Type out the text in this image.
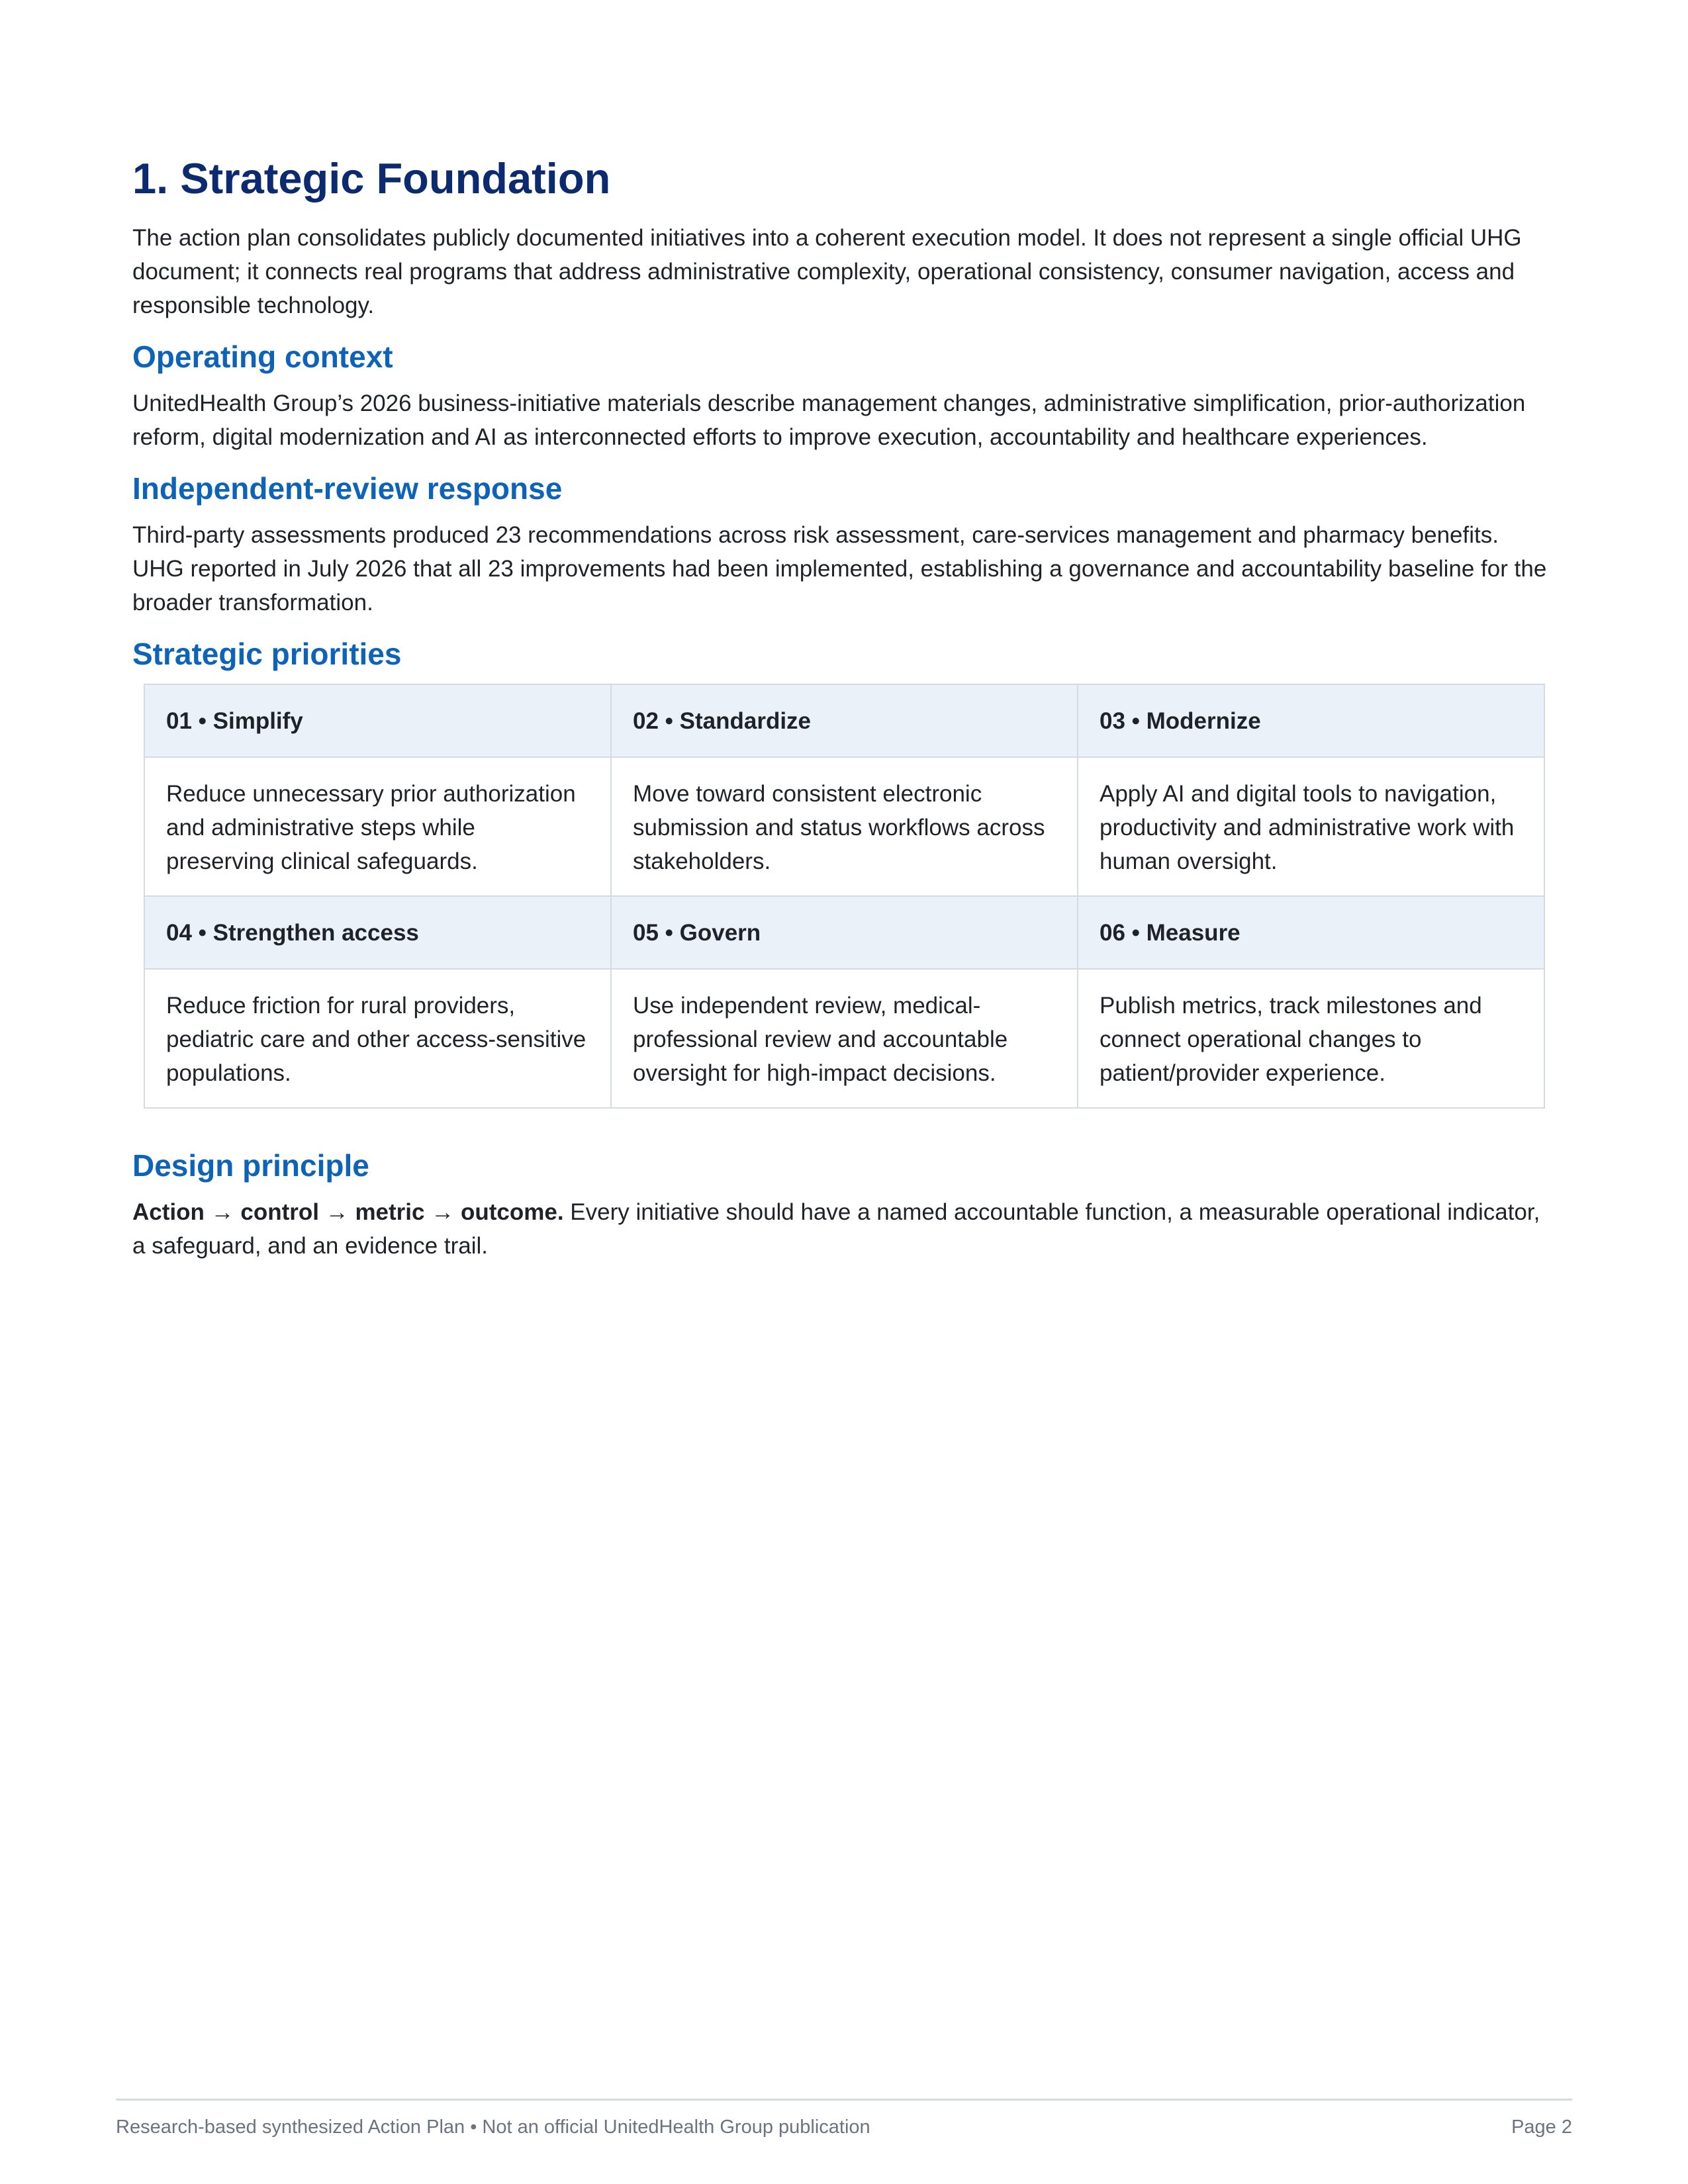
1. Strategic Foundation

The action plan consolidates publicly documented initiatives into a coherent execution model. It does not represent a single official UHG document; it connects real programs that address administrative complexity, operational consistency, consumer navigation, access and responsible technology.

Operating context

UnitedHealth Group’s 2026 business-initiative materials describe management changes, administrative simplification, prior-authorization reform, digital modernization and AI as interconnected efforts to improve execution, accountability and healthcare experiences.

Independent-review response

Third-party assessments produced 23 recommendations across risk assessment, care-services management and pharmacy benefits. UHG reported in July 2026 that all 23 improvements had been implemented, establishing a governance and accountability baseline for the broader transformation.

Strategic priorities
01 • Simplify	02 • Standardize	03 • Modernize
Reduce unnecessary prior authorization and administrative steps while preserving clinical safeguards.	Move toward consistent electronic submission and status workflows across stakeholders.	Apply AI and digital tools to navigation, productivity and administrative work with human oversight.
04 • Strengthen access	05 • Govern	06 • Measure
Reduce friction for rural providers, pediatric care and other access-sensitive populations.	Use independent review, medical-professional review and accountable oversight for high-impact decisions.	Publish metrics, track milestones and connect operational changes to patient/provider experience.
Design principle

Action → control → metric → outcome. Every initiative should have a named accountable function, a measurable operational indicator, a safeguard, and an evidence trail.

Research-based synthesized Action Plan • Not an official UnitedHealth Group publication	Page 2
